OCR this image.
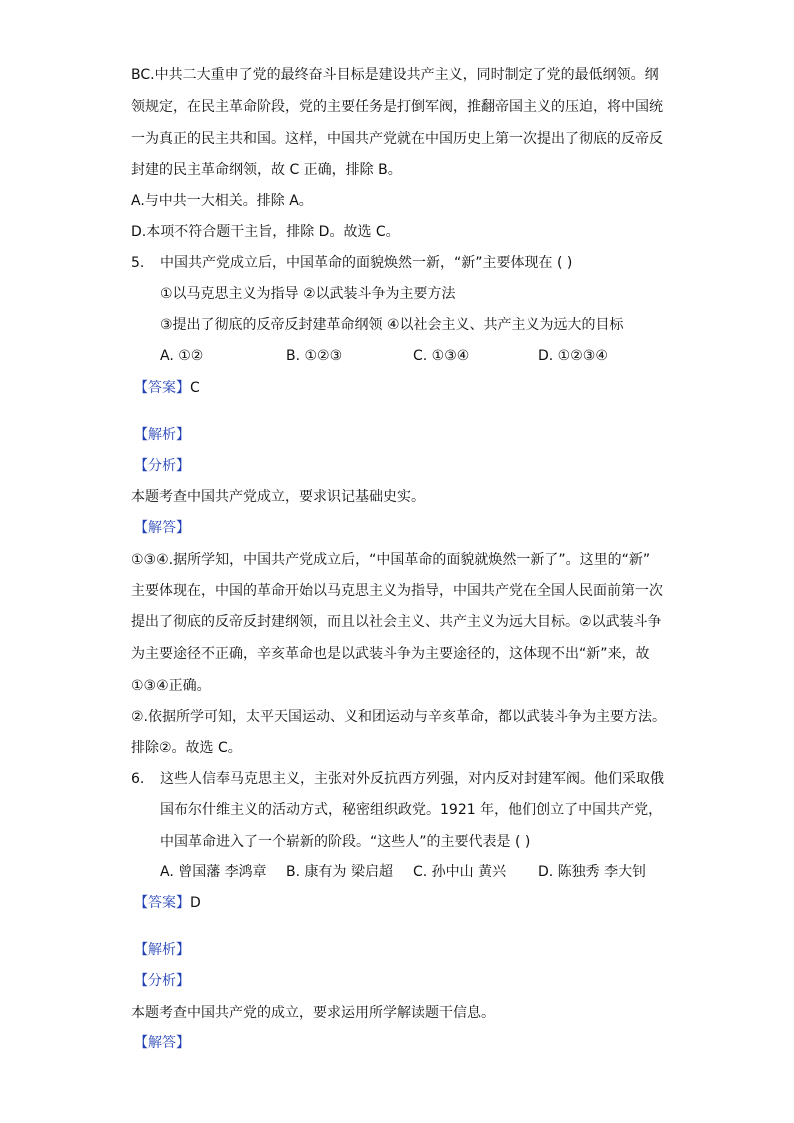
BC.中共二大重申了党的最终奋斗目标是建设共产主义，同时制定了党的最低纲领。纲
领规定，在民主革命阶段，党的主要任务是打倒军阀，推翻帝国主义的压迫，将中国统
一为真正的民主共和国。这样，中国共产党就在中国历史上第一次提出了彻底的反帝反
封建的民主革命纲领，故 C 正确，排除 B。
A.与中共一大相关。排除 A。
D.本项不符合题干主旨，排除 D。故选 C。
5. 中国共产党成立后，中国革命的面貌焕然一新，“新”主要体现在 ( )
①以马克思主义为指导 ②以武装斗争为主要方法
③提出了彻底的反帝反封建革命纲领 ④以社会主义、共产主义为远大的目标
A. ①②	B. ①②③	C. ①③④	D. ①②③④
【答案】C
【解析】
【分析】
本题考查中国共产党成立，要求识记基础史实。
【解答】
①③④.据所学知，中国共产党成立后，“中国革命的面貌就焕然一新了”。这里的“新”
主要体现在，中国的革命开始以马克思主义为指导，中国共产党在全国人民面前第一次
提出了彻底的反帝反封建纲领，而且以社会主义、共产主义为远大目标。②以武装斗争
为主要途径不正确，辛亥革命也是以武装斗争为主要途径的，这体现不出“新”来，故
①③④正确。
②.依据所学可知，太平天国运动、义和团运动与辛亥革命，都以武装斗争为主要方法。
排除②。故选 C。
6. 这些人信奉马克思主义，主张对外反抗西方列强，对内反对封建军阀。他们采取俄
国布尔什维主义的活动方式，秘密组织政党。1921 年，他们创立了中国共产党，
中国革命进入了一个崭新的阶段。“这些人”的主要代表是 ( )
A. 曾国藩 李鸿章 B. 康有为 梁启超 C. 孙中山 黄兴 D. 陈独秀 李大钊
【答案】D
【解析】
【分析】
本题考查中国共产党的成立，要求运用所学解读题干信息。
【解答】
